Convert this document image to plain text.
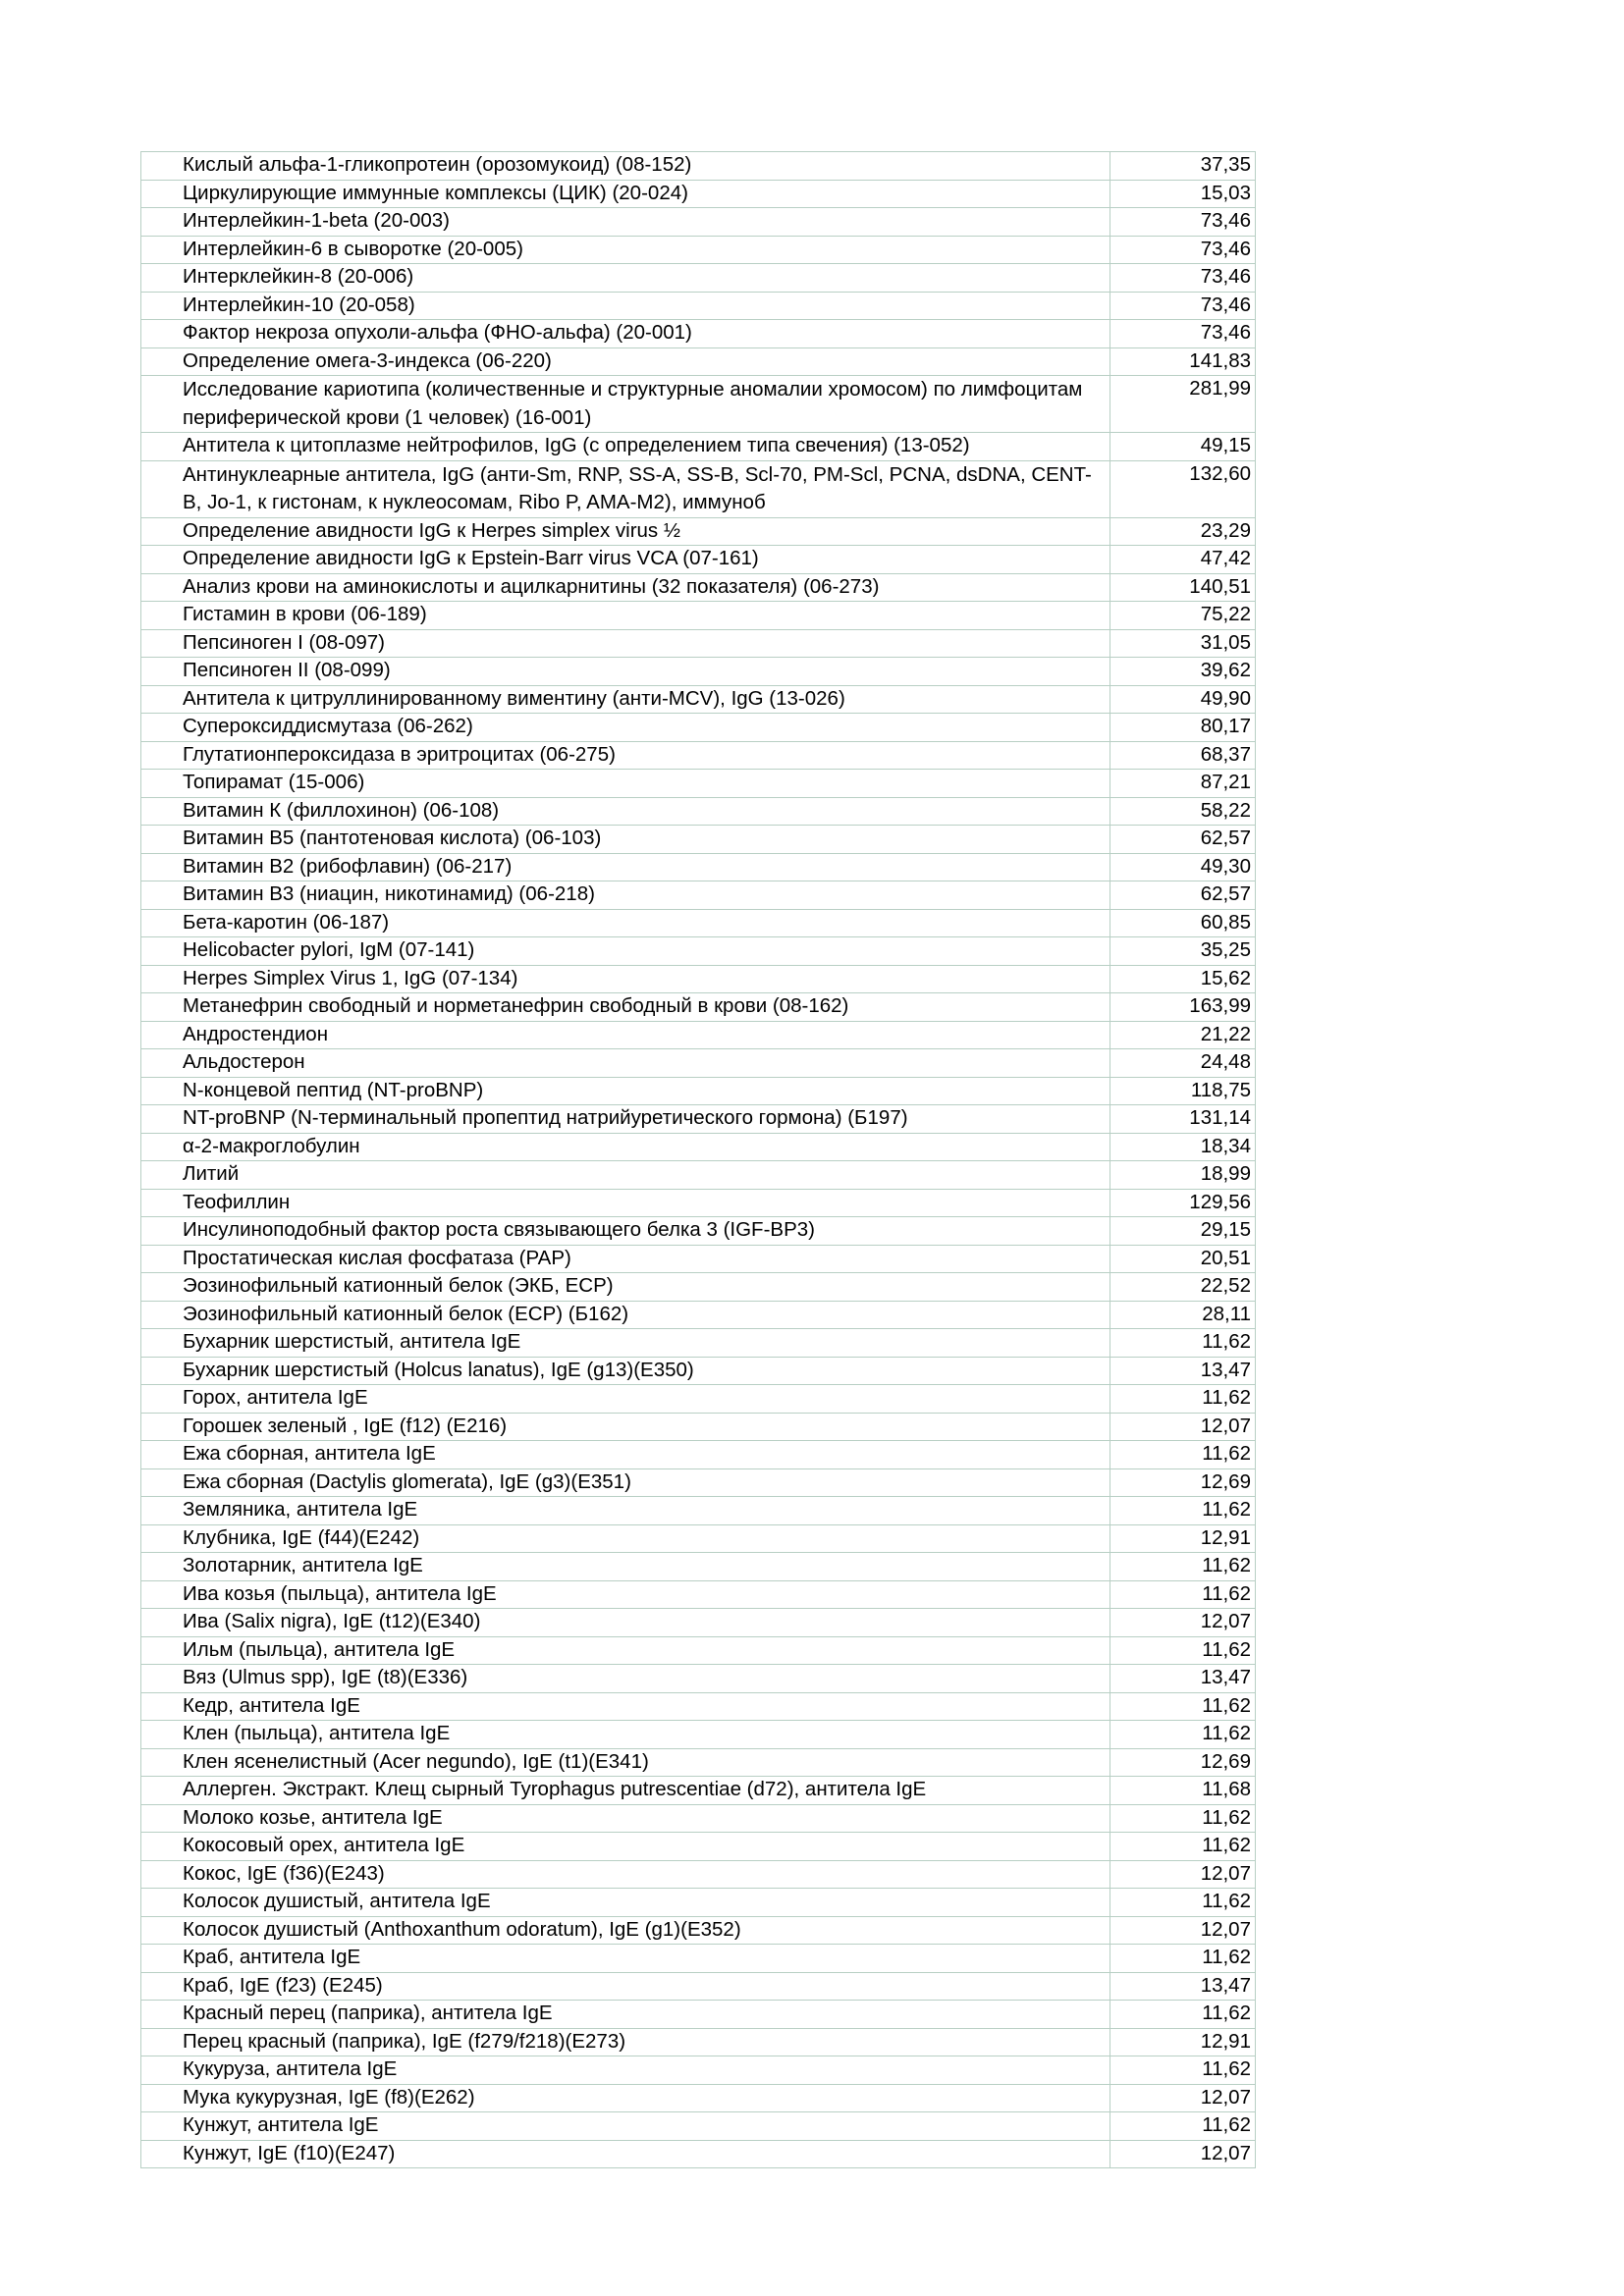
Кислый альфа-1-гликопротеин (орозомукоид) (08-152)	37,35
Циркулирующие иммунные комплексы (ЦИК) (20-024)	15,03
Интерлейкин-1-beta (20-003)	73,46
Интерлейкин-6 в сыворотке (20-005)	73,46
Интерклейкин-8 (20-006)	73,46
Интерлейкин-10 (20-058)	73,46
Фактор некроза опухоли-альфа (ФНО-альфа) (20-001)	73,46
Определение омега-3-индекса (06-220)	141,83
Исследование кариотипа (количественные и структурные аномалии хромосом) по лимфоцитам периферической крови (1 человек) (16-001)	281,99
Антитела к цитоплазме нейтрофилов, IgG (с определением типа свечения) (13-052)	49,15
Антинуклеарные антитела, IgG (анти-Sm, RNP, SS-A, SS-B, Scl-70, PM-Scl, PCNA, dsDNA, CENT-B, Jo-1, к гистонам, к нуклеосомам, Ribo P, AMA-M2), иммуноб	132,60
Определение авидности IgG к Herpes simplex virus ½	23,29
Определение авидности IgG к Epstein-Barr virus VCA (07-161)	47,42
Анализ крови на аминокислоты и ацилкарнитины (32 показателя) (06-273)	140,51
Гистамин в крови (06-189)	75,22
Пепсиноген I (08-097)	31,05
Пепсиноген II (08-099)	39,62
Антитела к цитруллинированному виментину (анти-MCV), IgG (13-026)	49,90
Супероксиддисмутаза (06-262)	80,17
Глутатионпероксидаза в эритроцитах (06-275)	68,37
Топирамат (15-006)	87,21
Витамин К (филлохинон) (06-108)	58,22
Витамин В5 (пантотеновая кислота) (06-103)	62,57
Витамин В2 (рибофлавин) (06-217)	49,30
Витамин В3 (ниацин, никотинамид) (06-218)	62,57
Бета-каротин (06-187)	60,85
Helicobacter pylori, IgM (07-141)	35,25
Herpes Simplex Virus 1, IgG (07-134)	15,62
Метанефрин свободный и норметанефрин свободный в крови (08-162)	163,99
Андростендион	21,22
Альдостерон	24,48
N-концевой пептид (NT-proBNP)	118,75
NT-proBNP (N-терминальный пропептид натрийуретического гормона) (Б197)	131,14
α-2-макроглобулин	18,34
Литий	18,99
Теофиллин	129,56
Инсулиноподобный фактор роста связывающего белка 3 (IGF-BP3)	29,15
Простатическая кислая фосфатаза (PAP)	20,51
Эозинофильный катионный белок (ЭКБ, ECP)	22,52
Эозинофильный катионный белок (ECP) (Б162)	28,11
Бухарник шерстистый, антитела IgE	11,62
Бухарник шерстистый (Holcus lanatus), IgE (g13)(E350)	13,47
Горох, антитела IgE	11,62
Горошек зеленый , IgE (f12) (E216)	12,07
Ежа сборная, антитела IgE	11,62
Ежа сборная (Dactylis glomerata), IgE (g3)(E351)	12,69
Земляника, антитела IgE	11,62
Клубника, IgE (f44)(E242)	12,91
Золотарник, антитела IgE	11,62
Ива козья (пыльца), антитела IgE	11,62
Ива (Salix nigra), IgE (t12)(E340)	12,07
Ильм (пыльца), антитела IgE	11,62
Вяз (Ulmus spp), IgE (t8)(E336)	13,47
Кедр, антитела IgE	11,62
Клен (пыльца), антитела IgE	11,62
Клен ясенелистный (Acer negundo), IgE (t1)(E341)	12,69
Аллерген. Экстракт. Клещ сырный Tyrophagus putrescentiae (d72), антитела IgE	11,68
Молоко козье, антитела IgE	11,62
Кокосовый орех, антитела IgE	11,62
Кокос, IgE (f36)(E243)	12,07
Колосок душистый, антитела IgE	11,62
Колосок душистый (Anthoxanthum odoratum), IgE (g1)(E352)	12,07
Краб, антитела IgE	11,62
Краб, IgE (f23) (E245)	13,47
Красный перец (паприка), антитела IgE	11,62
Перец красный (паприка), IgE (f279/f218)(E273)	12,91
Кукуруза, антитела IgE	11,62
Мука кукурузная, IgE (f8)(E262)	12,07
Кунжут, антитела IgE	11,62
Кунжут, IgE (f10)(E247)	12,07
